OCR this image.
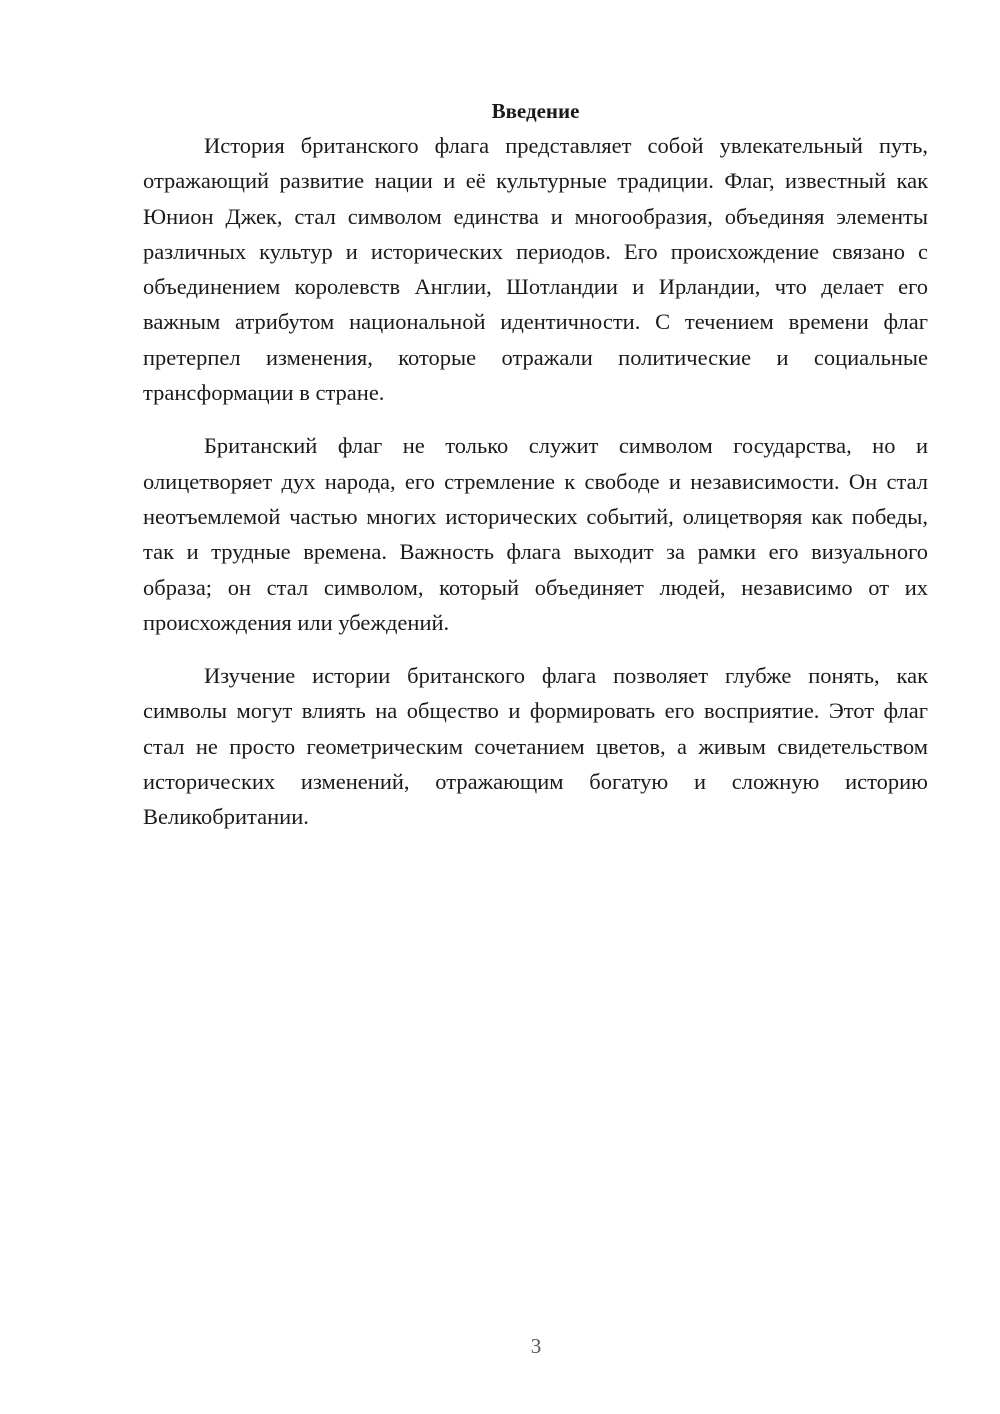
Введение

История британского флага представляет собой увлекательный путь, отражающий развитие нации и её культурные традиции. Флаг, известный как Юнион Джек, стал символом единства и многообразия, объединяя элементы различных культур и исторических периодов. Его происхождение связано с объединением королевств Англии, Шотландии и Ирландии, что делает его важным атрибутом национальной идентичности. С течением времени флаг претерпел изменения, которые отражали политические и социальные трансформации в стране.

Британский флаг не только служит символом государства, но и олицетворяет дух народа, его стремление к свободе и независимости. Он стал неотъемлемой частью многих исторических событий, олицетворяя как победы, так и трудные времена. Важность флага выходит за рамки его визуального образа; он стал символом, который объединяет людей, независимо от их происхождения или убеждений.

Изучение истории британского флага позволяет глубже понять, как символы могут влиять на общество и формировать его восприятие. Этот флаг стал не просто геометрическим сочетанием цветов, а живым свидетельством исторических изменений, отражающим богатую и сложную историю Великобритании.

3
